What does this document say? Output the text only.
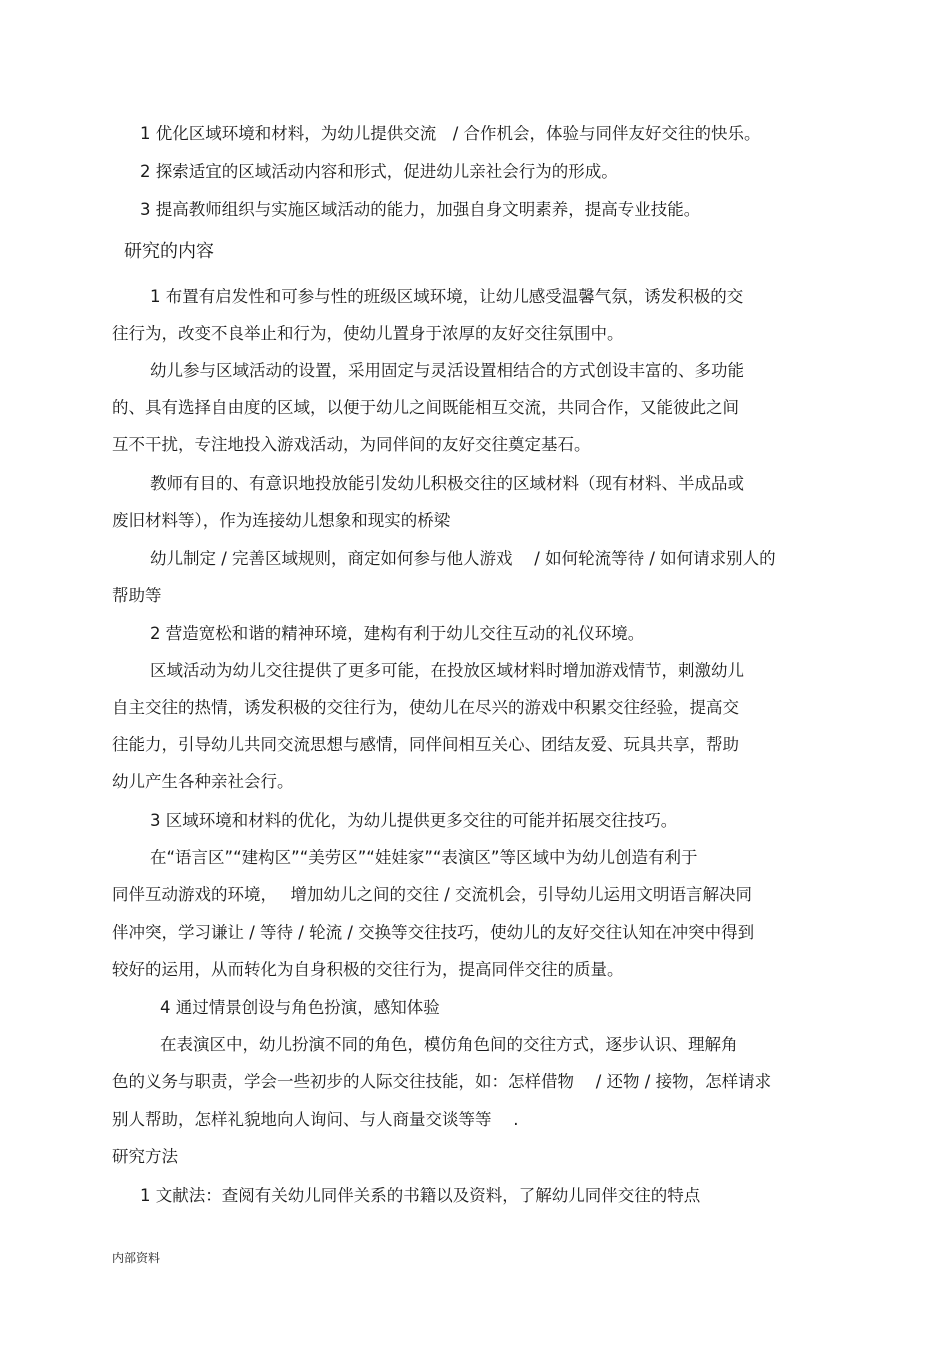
1 优化区域环境和材料，为幼儿提供交流　/ 合作机会，体验与同伴友好交往的快乐。
2 探索适宜的区域活动内容和形式，促进幼儿亲社会行为的形成。
3 提高教师组织与实施区域活动的能力，加强自身文明素养，提高专业技能。
研究的内容
1 布置有启发性和可参与性的班级区域环境，让幼儿感受温馨气氛，诱发积极的交
往行为，改变不良举止和行为，使幼儿置身于浓厚的友好交往氛围中。
幼儿参与区域活动的设置，采用固定与灵活设置相结合的方式创设丰富的、多功能
的、具有选择自由度的区域，以便于幼儿之间既能相互交流，共同合作，又能彼此之间
互不干扰，专注地投入游戏活动，为同伴间的友好交往奠定基石。
教师有目的、有意识地投放能引发幼儿积极交往的区域材料（现有材料、半成品或
废旧材料等），作为连接幼儿想象和现实的桥梁
幼儿制定 / 完善区域规则，商定如何参与他人游戏　 / 如何轮流等待 / 如何请求别人的
帮助等
2 营造宽松和谐的精神环境，建构有利于幼儿交往互动的礼仪环境。
区域活动为幼儿交往提供了更多可能，在投放区域材料时增加游戏情节，刺激幼儿
自主交往的热情，诱发积极的交往行为，使幼儿在尽兴的游戏中积累交往经验，提高交
往能力，引导幼儿共同交流思想与感情，同伴间相互关心、团结友爱、玩具共享，帮助
幼儿产生各种亲社会行。
3 区域环境和材料的优化，为幼儿提供更多交往的可能并拓展交往技巧。
在“语言区”“建构区”“美劳区”“娃娃家”“表演区”等区域中为幼儿创造有利于
同伴互动游戏的环境，　 增加幼儿之间的交往 / 交流机会，引导幼儿运用文明语言解决同
伴冲突，学习谦让 / 等待 / 轮流 / 交换等交往技巧，使幼儿的友好交往认知在冲突中得到
较好的运用，从而转化为自身积极的交往行为，提高同伴交往的质量。
4 通过情景创设与角色扮演，感知体验
在表演区中，幼儿扮演不同的角色，模仿角色间的交往方式，逐步认识、理解角
色的义务与职责，学会一些初步的人际交往技能，如：怎样借物　 / 还物 / 接物，怎样请求
别人帮助，怎样礼貌地向人询问、与人商量交谈等等　 .
研究方法
1 文献法：查阅有关幼儿同伴关系的书籍以及资料，了解幼儿同伴交往的特点
内部资料
